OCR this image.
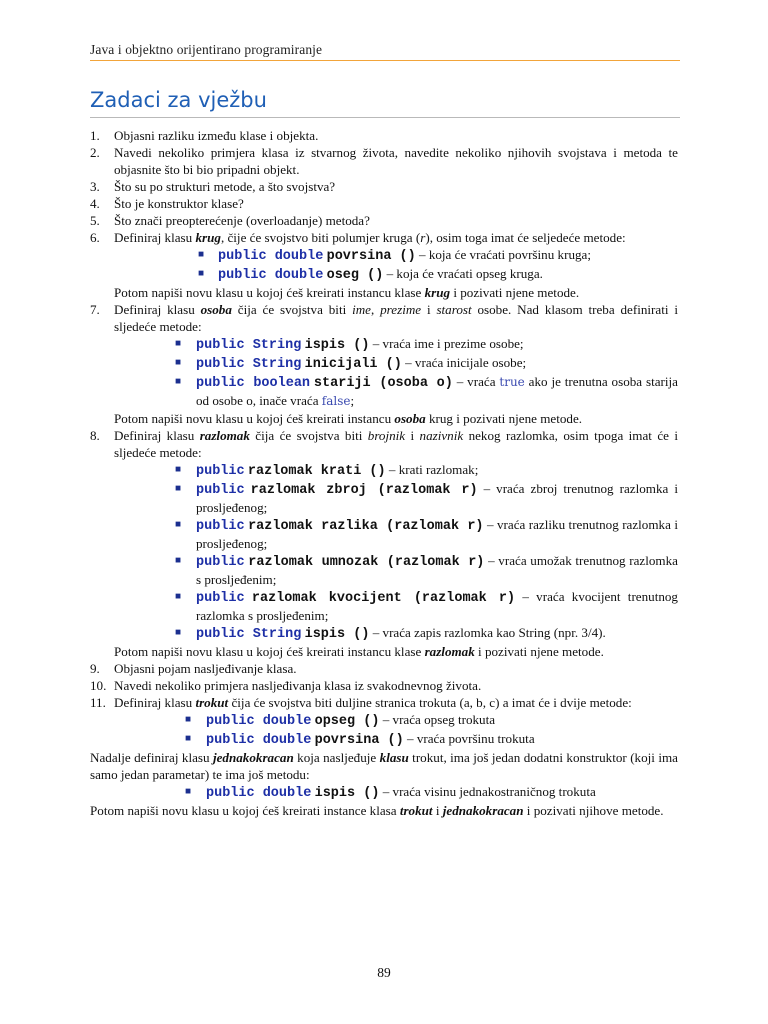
Java i objektno orijentirano programiranje
Zadaci za vježbu

1. Objasni razliku između klase i objekta.

2. Navedi nekoliko primjera klasa iz stvarnog života, navedite nekoliko njihovih svojstava i metoda te objasnite što bi bio pripadni objekt.

3. Što su po strukturi metode, a što svojstva?

4. Što je konstruktor klase?

5. Što znači preopterećenje (overloadanje) metoda?

6. Definiraj klasu krug, čije će svojstvo biti polumjer kruga (r), osim toga imat će seljedeće metode:

■ public double povrsina () – koja će vraćati površinu kruga;

■ public double oseg () – koja će vraćati opseg kruga.

Potom napiši novu klasu u kojoj ćeš kreirati instancu klase krug i pozivati njene metode.

7. Definiraj klasu osoba čija će svojstva biti ime, prezime i starost osobe. Nad klasom treba definirati i sljedeće metode:

■ public String ispis () – vraća ime i prezime osobe;

■ public String inicijali () – vraća inicijale osobe;

■ public boolean stariji (osoba o) – vraća true ako je trenutna osoba starija od osobe o, inače vraća false;

Potom napiši novu klasu u kojoj ćeš kreirati instancu osoba krug i pozivati njene metode.

8. Definiraj klasu razlomak čija će svojstva biti brojnik i nazivnik nekog razlomka, osim tpoga imat će i sljedeće metode:

■ public razlomak krati () – krati razlomak;

■ public razlomak zbroj (razlomak r) – vraća zbroj trenutnog razlomka i prosljeđenog;

■ public razlomak razlika (razlomak r) – vraća razliku trenutnog razlomka i prosljeđenog;

■ public razlomak umnozak (razlomak r) – vraća umožak trenutnog razlomka s prosljeđenim;

■ public razlomak kvocijent (razlomak r) – vraća kvocijent trenutnog razlomka s prosljeđenim;

■ public String ispis () – vraća zapis razlomka kao String (npr. 3/4).

Potom napiši novu klasu u kojoj ćeš kreirati instancu klase razlomak i pozivati njene metode.

9. Objasni pojam nasljeđivanje klasa.

10. Navedi nekoliko primjera nasljeđivanja klasa iz svakodnevnog života.

11. Definiraj klasu trokut čija će svojstva biti duljine stranica trokuta (a, b, c) a imat će i dvije metode:

■ public double opseg () – vraća opseg trokuta

■ public double povrsina () – vraća površinu trokuta

Nadalje definiraj klasu jednakokracan koja nasljeđuje klasu trokut, ima još jedan dodatni konstruktor (koji ima samo jedan parametar) te ima još metodu:

■ public double ispis () – vraća visinu jednakostraničnog trokuta

Potom napiši novu klasu u kojoj ćeš kreirati instance klasa trokut i jednakokracan i pozivati njihove metode.

89
